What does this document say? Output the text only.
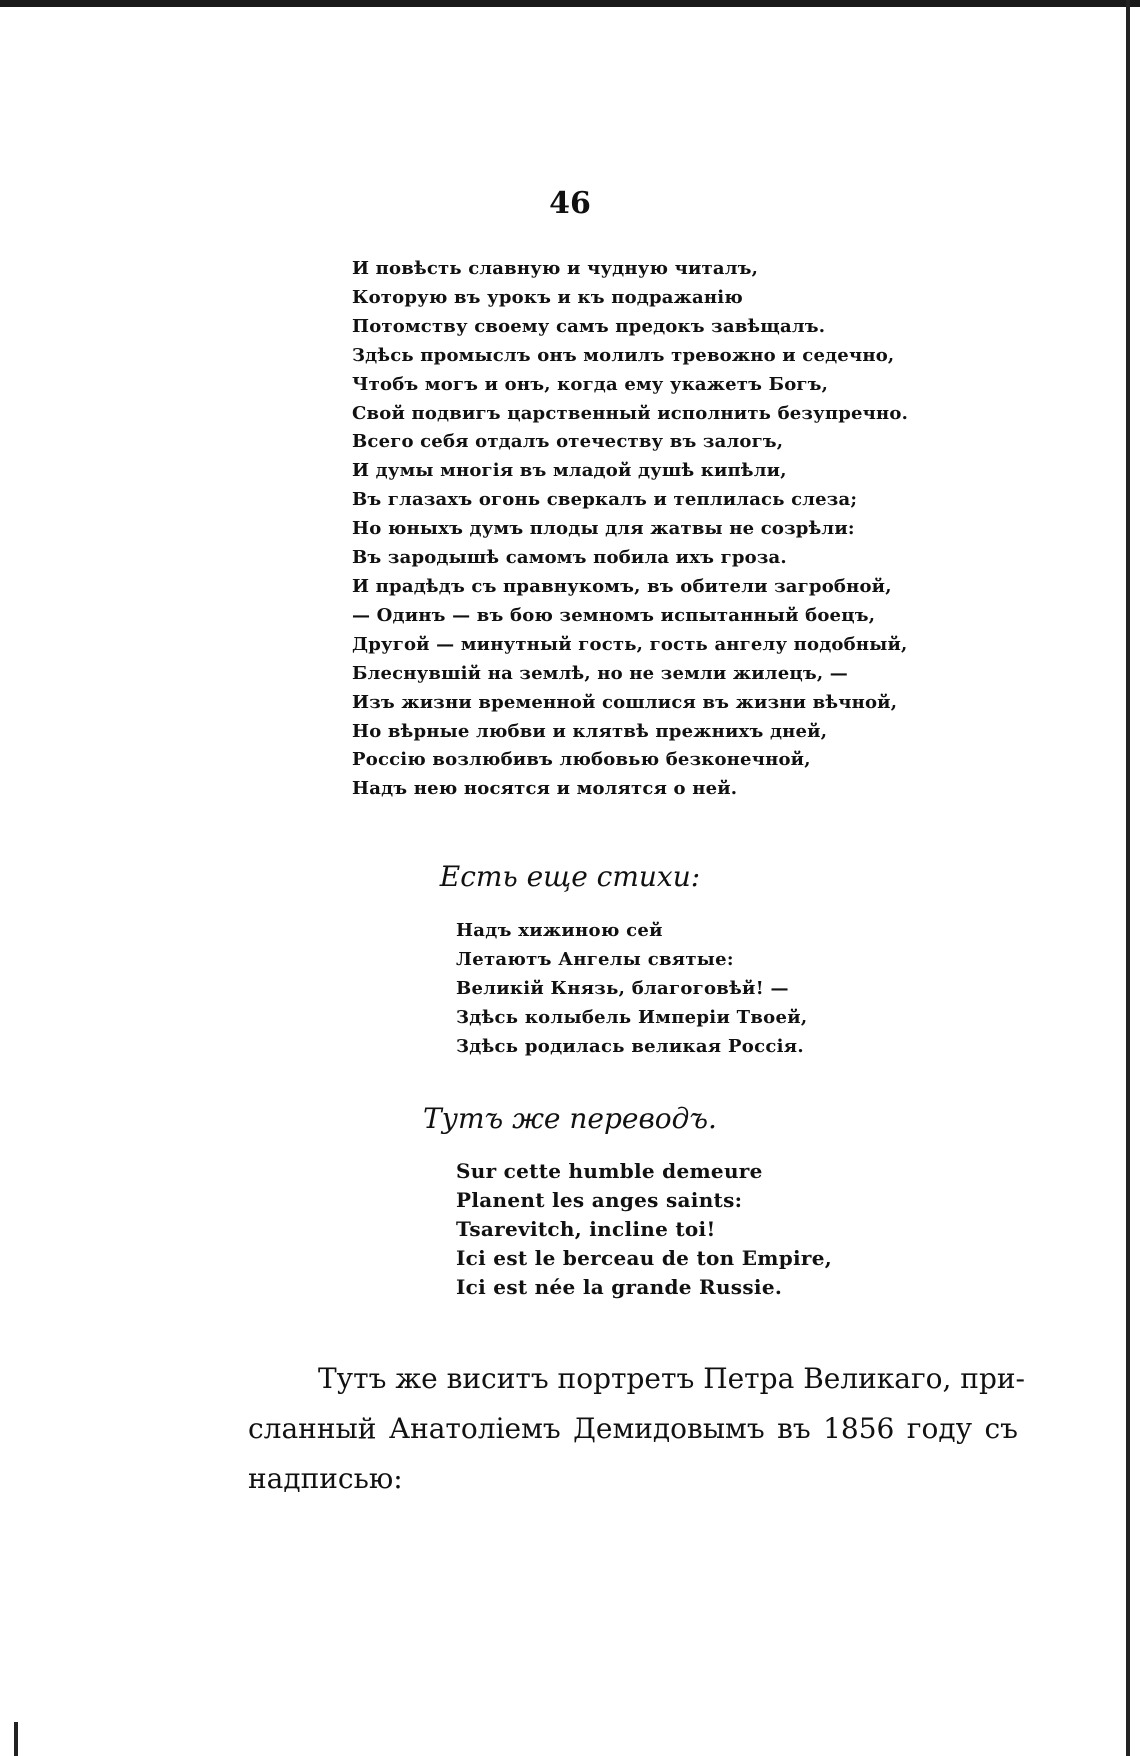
46
И повѣсть славную и чудную читалъ,
Которую въ урокъ и къ подражанію
Потомству своему самъ предокъ завѣщалъ.
Здѣсь промыслъ онъ молилъ тревожно и седечно,
Чтобъ могъ и онъ, когда ему укажетъ Богъ,
Свой подвигъ царственный исполнить безупречно.
Всего себя отдалъ отечеству въ залогъ,
И думы многія въ младой душѣ кипѣли,
Въ глазахъ огонь сверкалъ и теплилась слеза;
Но юныхъ думъ плоды для жатвы не созрѣли:
Въ зародышѣ самомъ побила ихъ гроза.
И прадѣдъ съ правнукомъ, въ обители загробной,
— Одинъ — въ бою земномъ испытанный боецъ,
Другой — минутный гость, гость ангелу подобный,
Блеснувшій на землѣ, но не земли жилецъ, —
Изъ жизни временной сошлися въ жизни вѣчной,
Но вѣрные любви и клятвѣ прежнихъ дней,
Россію возлюбивъ любовью безконечной,
Надъ нею носятся и молятся о ней.
Есть еще стихи:
Надъ хижиною сей
Летаютъ Ангелы святые:
Великій Князь, благоговѣй! —
Здѣсь колыбель Имперіи Твоей,
Здѣсь родилась великая Россія.
Тутъ же переводъ.
Sur cette humble demeure
Planent les anges saints:
Tsarevitch, incline toi!
Ici est le berceau de ton Empire,
Ici est née la grande Russie.
Тутъ же виситъ портретъ Петра Великаго, при-
сланный Анатоліемъ Демидовымъ въ 1856 году съ
надписью:
